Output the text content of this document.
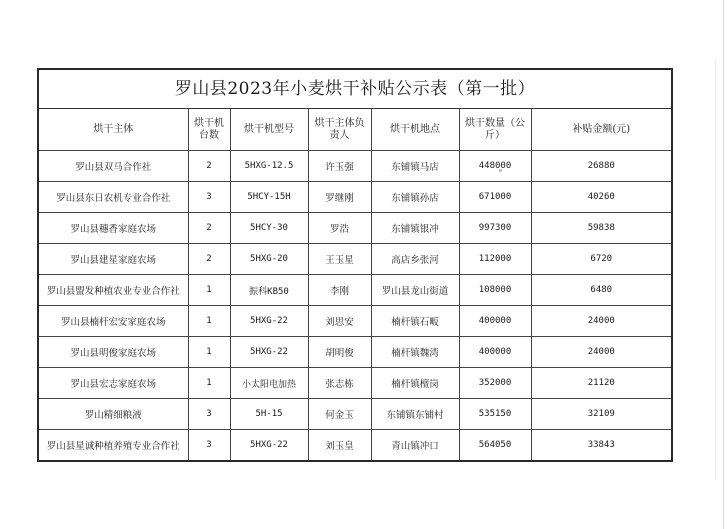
罗山县2023年小麦烘干补贴公示表（第一批）
烘干主体	烘干机台数	烘干机型号	烘干主体负责人	烘干机地点	烘干数量（公斤）	补贴金额(元)
罗山县双马合作社	2	5HXG-12.5	许玉强	东铺镇马店	448000	26880
罗山县东日农机专业合作社	3	5HCY-15H	罗继刚	东铺镇孙店	671000	40260
罗山县穗香家庭农场	2	5HCY-30	罗浩	东铺镇银冲	997300	59838
罗山县建星家庭农场	2	5HXG-20	王玉星	高店乡张河	112000	6720
罗山县盟发种植农业专业合作社	1	振科KB50	李刚	罗山县龙山街道	108000	6480
罗山县楠杆宏安家庭农场	1	5HXG-22	刘思安	楠杆镇石畈	400000	24000
罗山县明俊家庭农场	1	5HXG-22	胡明俊	楠杆镇魏湾	400000	24000
罗山县宏志家庭农场	1	小太阳电加热	张志栋	楠杆镇檀岗	352000	21120
罗山精细粮液	3	5H-15	何金玉	东铺镇东铺村	535150	32109
罗山县星诚种植养殖专业合作社	3	5HXG-22	刘玉皇	青山镇冲口	564050	33843
